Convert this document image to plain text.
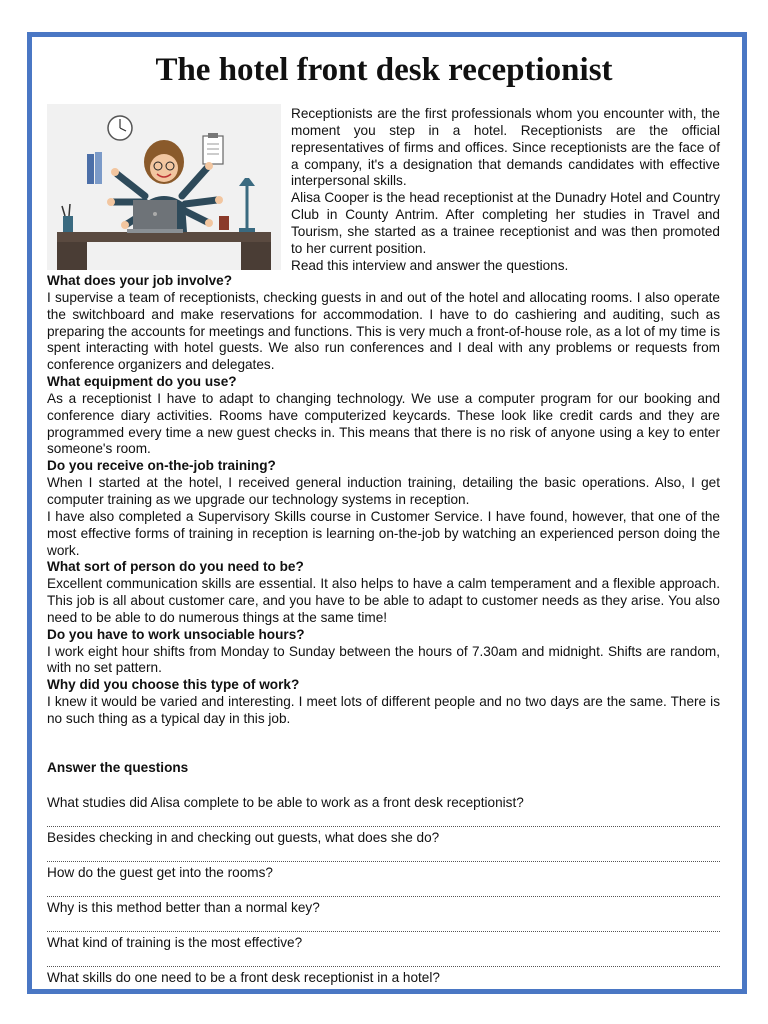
The hotel front desk receptionist

Receptionists are the first professionals whom you encounter with, the moment you step in a hotel. Receptionists are the official representatives of firms and offices. Since receptionists are the face of a company, it's a designation that demands candidates with effective interpersonal skills.

Alisa Cooper is the head receptionist at the Dunadry Hotel and Country Club in County Antrim. After completing her studies in Travel and Tourism, she started as a trainee receptionist and was then promoted to her current position.

Read this interview and answer the questions.

What does your job involve?

I supervise a team of receptionists, checking guests in and out of the hotel and allocating rooms. I also operate the switchboard and make reservations for accommodation. I have to do cashiering and auditing, such as preparing the accounts for meetings and functions. This is very much a front-of-house role, as a lot of my time is spent interacting with hotel guests. We also run conferences and I deal with any problems or requests from conference organizers and delegates.

What equipment do you use?

As a receptionist I have to adapt to changing technology. We use a computer program for our booking and conference diary activities. Rooms have computerized keycards. These look like credit cards and they are programmed every time a new guest checks in. This means that there is no risk of anyone using a key to enter someone's room.

Do you receive on-the-job training?

When I started at the hotel, I received general induction training, detailing the basic operations. Also, I get computer training as we upgrade our technology systems in reception.

I have also completed a Supervisory Skills course in Customer Service. I have found, however, that one of the most effective forms of training in reception is learning on-the-job by watching an experienced person doing the work.

What sort of person do you need to be?

Excellent communication skills are essential. It also helps to have a calm temperament and a flexible approach. This job is all about customer care, and you have to be able to adapt to customer needs as they arise. You also need to be able to do numerous things at the same time!

Do you have to work unsociable hours?

I work eight hour shifts from Monday to Sunday between the hours of 7.30am and midnight. Shifts are random, with no set pattern.

Why did you choose this type of work?

I knew it would be varied and interesting. I meet lots of different people and no two days are the same. There is no such thing as a typical day in this job.

Answer the questions

What studies did Alisa complete to be able to work as a front desk receptionist?

Besides checking in and checking out guests, what does she do?

How do the guest get into the rooms?

Why is this method better than a normal key?

What kind of training is the most effective?

What skills do one need to be a front desk receptionist in a hotel?
